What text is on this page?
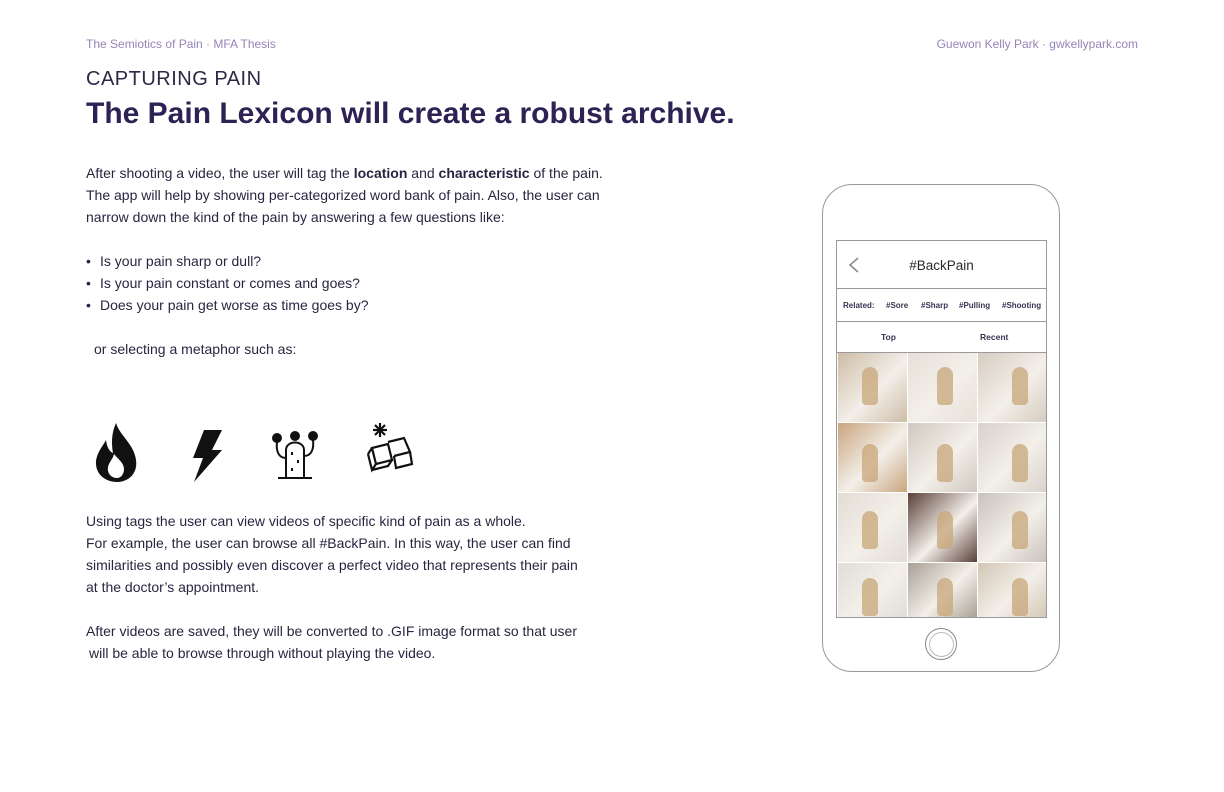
The Semiotics of Pain · MFA Thesis	Guewon Kelly Park · gwkellypark.com
CAPTURING PAIN
The Pain Lexicon will create a robust archive.
After shooting a video, the user will tag the location and characteristic of the pain.
The app will help by showing per-categorized word bank of pain. Also, the user can
narrow down the kind of the pain by answering a few questions like:
• Is your pain sharp or dull?
• Is your pain constant or comes and goes?
• Does your pain get worse as time goes by?
or selecting a metaphor such as:
Using tags the user can view videos of specific kind of pain as a whole.
For example, the user can browse all #BackPain. In this way, the user can find
similarities and possibly even discover a perfect video that represents their pain
at the doctor’s appointment.
After videos are saved, they will be converted to .GIF image format so that user
will be able to browse through without playing the video.
#BackPain
Related: #Sore #Sharp #Pulling #Shooting
Top	Recent
